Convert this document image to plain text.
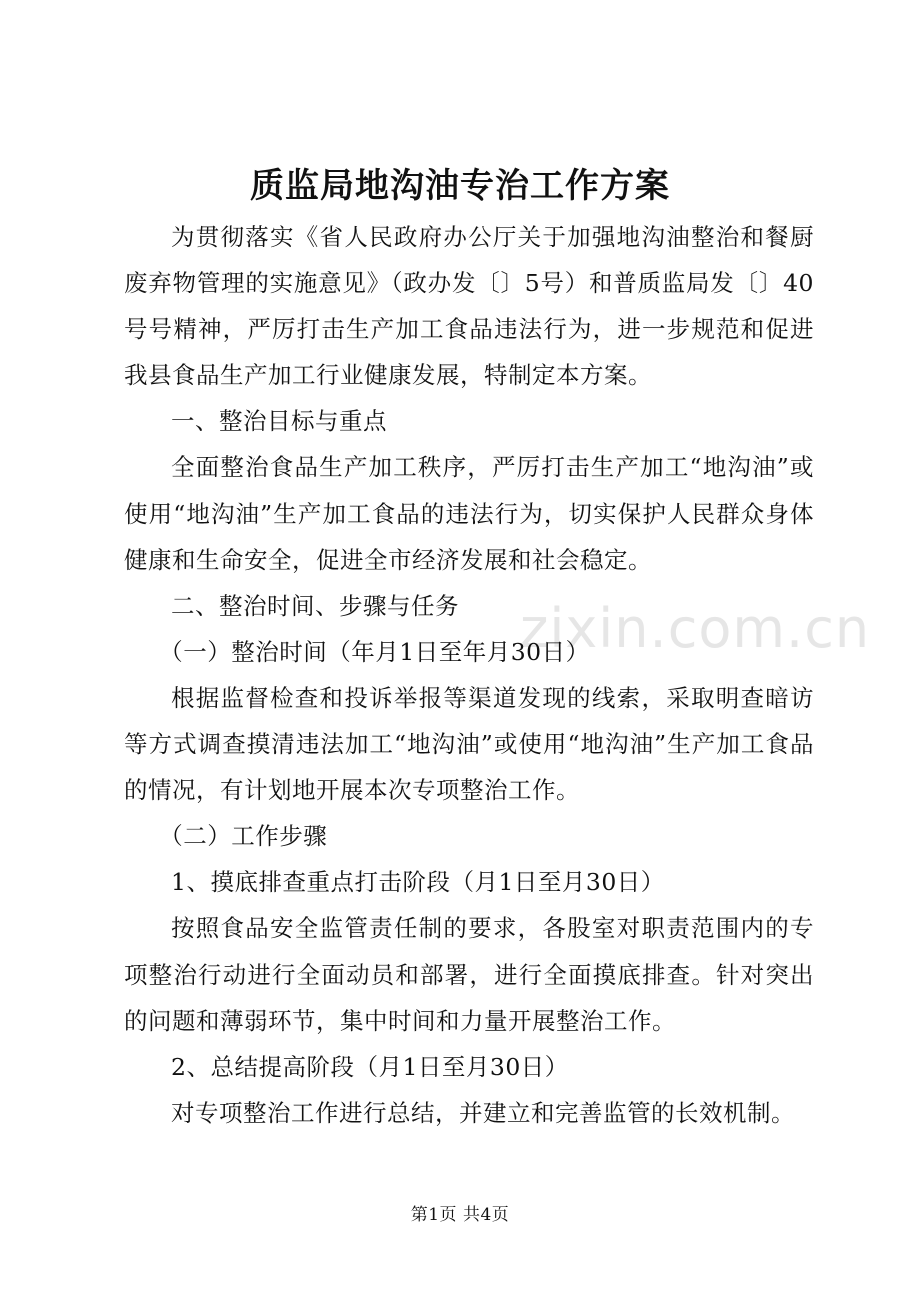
质监局地沟油专治工作方案
zixin.com.cn

为贯彻落实《省人民政府办公厅关于加强地沟油整治和餐厨废弃物管理的实施意见》（政办发〔〕5号）和普质监局发〔〕40号号精神，严厉打击生产加工食品违法行为，进一步规范和促进我县食品生产加工行业健康发展，特制定本方案。

一、整治目标与重点

全面整治食品生产加工秩序，严厉打击生产加工“地沟油”或使用“地沟油”生产加工食品的违法行为，切实保护人民群众身体健康和生命安全，促进全市经济发展和社会稳定。

二、整治时间、步骤与任务

（一）整治时间（年月1日至年月30日）

根据监督检查和投诉举报等渠道发现的线索，采取明查暗访等方式调查摸清违法加工“地沟油”或使用“地沟油”生产加工食品的情况，有计划地开展本次专项整治工作。

（二）工作步骤

1、摸底排查重点打击阶段（月1日至月30日）

按照食品安全监管责任制的要求，各股室对职责范围内的专项整治行动进行全面动员和部署，进行全面摸底排查。针对突出的问题和薄弱环节，集中时间和力量开展整治工作。

2、总结提高阶段（月1日至月30日）

对专项整治工作进行总结，并建立和完善监管的长效机制。

第1页 共4页
